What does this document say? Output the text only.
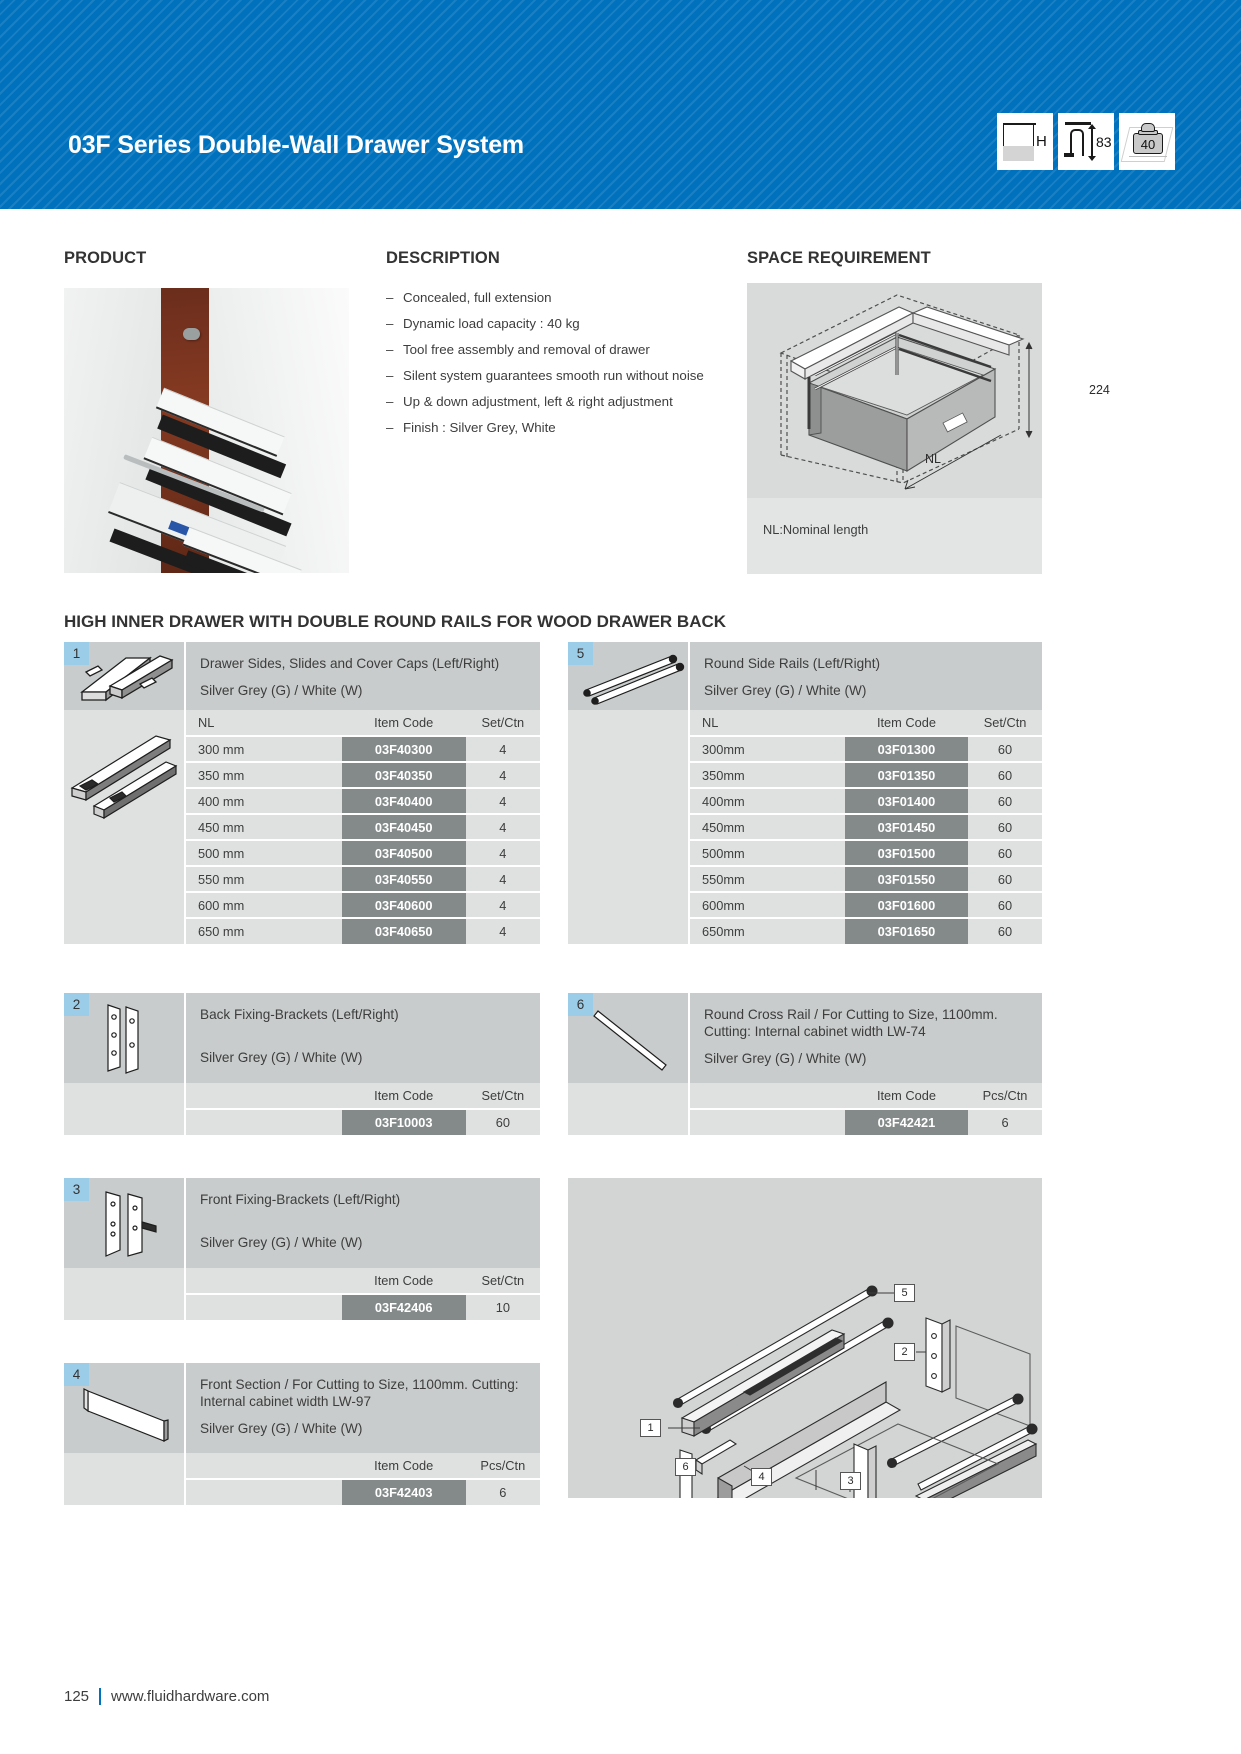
03F Series Double-Wall Drawer System	H	83	40
PRODUCT	DESCRIPTION	SPACE REQUIREMENT
– Concealed, full extension
– Dynamic load capacity : 40 kg
– Tool free assembly and removal of drawer
– Silent system guarantees smooth run without noise
– Up & down adjustment, left & right adjustment
– Finish : Silver Grey, White
224
NL
NL:Nominal length
HIGH INNER DRAWER WITH DOUBLE ROUND RAILS FOR WOOD DRAWER BACK
1
Drawer Sides, Slides and Cover Caps (Left/Right)
Silver Grey (G) / White (W)
NL	Item Code	Set/Ctn
300 mm	03F40300	4
350 mm	03F40350	4
400 mm	03F40400	4
450 mm	03F40450	4
500 mm	03F40500	4
550 mm	03F40550	4
600 mm	03F40600	4
650 mm	03F40650	4
5
Round Side Rails (Left/Right)
Silver Grey (G) / White (W)
NL	Item Code	Set/Ctn
300mm	03F01300	60
350mm	03F01350	60
400mm	03F01400	60
450mm	03F01450	60
500mm	03F01500	60
550mm	03F01550	60
600mm	03F01600	60
650mm	03F01650	60
2
Back Fixing-Brackets (Left/Right)
Silver Grey (G) / White (W)
	Item Code	Set/Ctn
	03F10003	60
6
Round Cross Rail / For Cutting to Size, 1100mm. Cutting: Internal cabinet width LW-74
Silver Grey (G) / White (W)
	Item Code	Pcs/Ctn
	03F42421	6
3
Front Fixing-Brackets (Left/Right)
Silver Grey (G) / White (W)
	Item Code	Set/Ctn
	03F42406	10
4
Front Section / For Cutting to Size, 1100mm. Cutting: Internal cabinet width LW-97
Silver Grey (G) / White (W)
	Item Code	Pcs/Ctn
	03F42403	6
1
5
2
6
4	3
125 www.fluidhardware.com
